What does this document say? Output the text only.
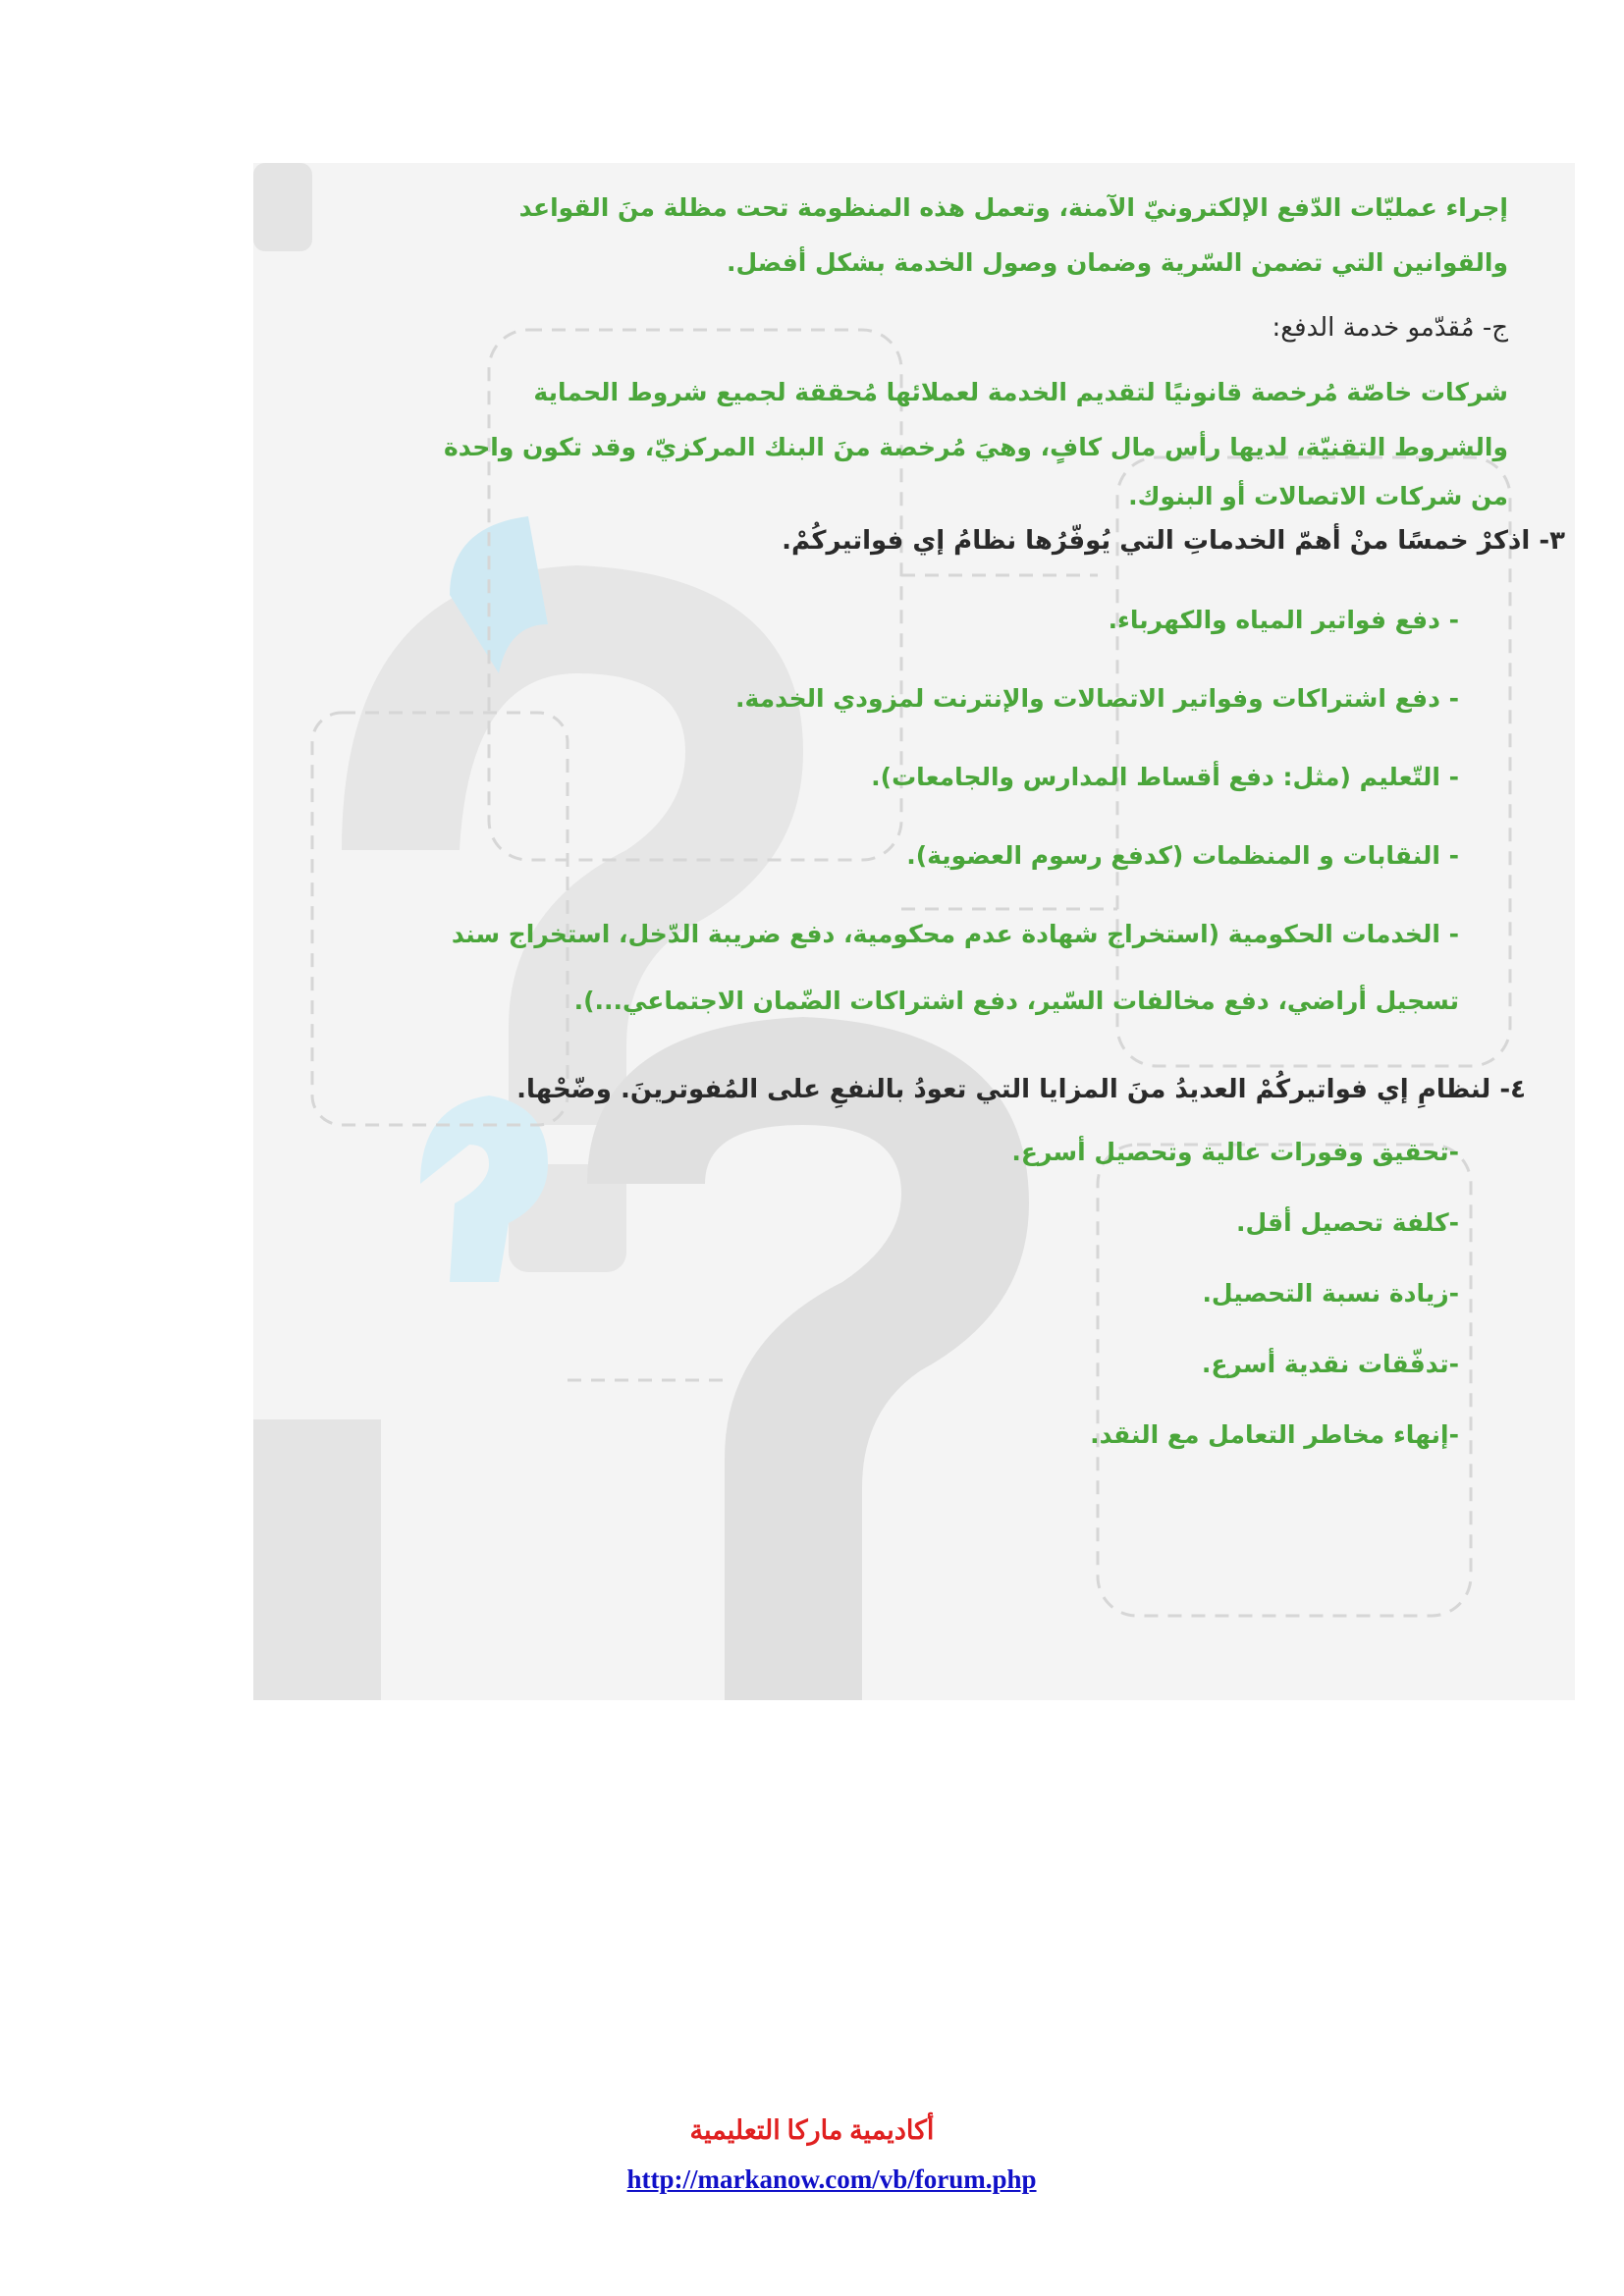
إجراء عمليّات الدّفع الإلكترونيّ الآمنة، وتعمل هذه المنظومة تحت مظلة منَ القواعد

والقوانين التي تضمن السّرية وضمان وصول الخدمة بشكل أفضل.

ج- مُقدّمو خدمة الدفع:

شركات خاصّة مُرخصة قانونيًا لتقديم الخدمة لعملائها مُحققة لجميع شروط الحماية

والشروط التقنيّة، لديها رأس مال كافٍ، وهيَ مُرخصة منَ البنك المركزيّ، وقد تكون واحدة

من شركات الاتصالات أو البنوك.

٣- اذكرْ خمسًا منْ أهمّ الخدماتِ التي يُوفّرُها نظامُ إي فواتيركُمْ.

- دفع فواتير المياه والكهرباء.

- دفع اشتراكات وفواتير الاتصالات والإنترنت لمزودي الخدمة.

- التّعليم (مثل: دفع أقساط المدارس والجامعات).

- النقابات و المنظمات (كدفع رسوم العضوية).

- الخدمات الحكومية (استخراج شهادة عدم محكومية، دفع ضريبة الدّخل، استخراج سند

تسجيل أراضي، دفع مخالفات السّير، دفع اشتراكات الضّمان الاجتماعي...).

٤- لنظامِ إي فواتيركُمْ العديدُ منَ المزايا التي تعودُ بالنفعِ على المُفوترينَ. وضّحْها.

-تحقيق وفورات عالية وتحصيل أسرع.

-كلفة تحصيل أقل.

-زيادة نسبة التحصيل.

-تدفّقات نقدية أسرع.

-إنهاء مخاطر التعامل مع النقد.

أكاديمية ماركا التعليمية
http://markanow.com/vb/forum.php
